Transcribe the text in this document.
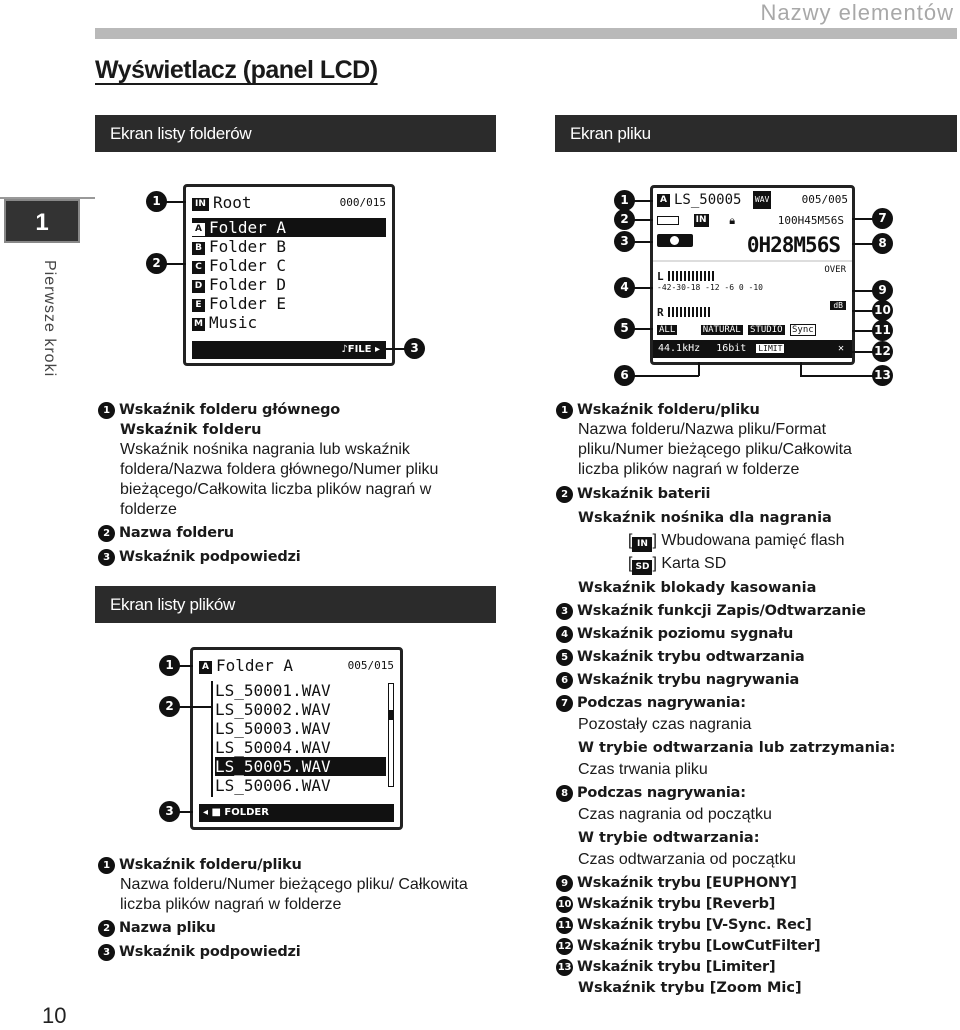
Nazwy elementów
Wyświetlacz (panel LCD)
1
Pierwsze kroki
10
Ekran listy folderów	Ekran pliku
IN Root	000/015
A Folder A
B Folder B
C Folder C
D Folder D
E Folder E
M Music
♪FILE ▸
1
2
3
1 Wskaźnik folderu głównego
Wskaźnik folderu
Wskaźnik nośnika nagrania lub wskaźnik foldera/Nazwa foldera głównego/Numer pliku bieżącego/Całkowita liczba plików nagrań w folderze
2 Nazwa folderu
3 Wskaźnik podpowiedzi
Ekran listy plików
A Folder A	005/015
LS_50001.WAV
LS_50002.WAV
LS_50003.WAV
LS_50004.WAV
LS_50005.WAV
LS_50006.WAV
◂ ■ FOLDER
1
2
3
1 Wskaźnik folderu/pliku
Nazwa folderu/Numer bieżącego pliku/ Całkowita liczba plików nagrań w folderze
2 Nazwa pliku
3 Wskaźnik podpowiedzi
A LS_50005 WAV	005/005
IN 🔒︎	100H45M56S
0H28M56S
L	OVER
-42-30-18 -12 -6 0 -10
R
dB
ALL	NATURAL STUDIO Sync
44.1kHz 16bit LIMIT	✕
1
2
3
4
5
6
7
8
9
10
11
12
13
1 Wskaźnik folderu/pliku
Nazwa folderu/Nazwa pliku/Format pliku/Numer bieżącego pliku/Całkowita liczba plików nagrań w folderze
2 Wskaźnik baterii
Wskaźnik nośnika dla nagrania
[ IN ] Wbudowana pamięć flash
[ SD ] Karta SD
Wskaźnik blokady kasowania
3 Wskaźnik funkcji Zapis/Odtwarzanie
4 Wskaźnik poziomu sygnału
5 Wskaźnik trybu odtwarzania
6 Wskaźnik trybu nagrywania
7 Podczas nagrywania:
Pozostały czas nagrania
W trybie odtwarzania lub zatrzymania:
Czas trwania pliku
8 Podczas nagrywania:
Czas nagrania od początku
W trybie odtwarzania:
Czas odtwarzania od początku
9 Wskaźnik trybu [EUPHONY]
10 Wskaźnik trybu [Reverb]
11 Wskaźnik trybu [V-Sync. Rec]
12 Wskaźnik trybu [LowCutFilter]
13 Wskaźnik trybu [Limiter]
Wskaźnik trybu [Zoom Mic]
